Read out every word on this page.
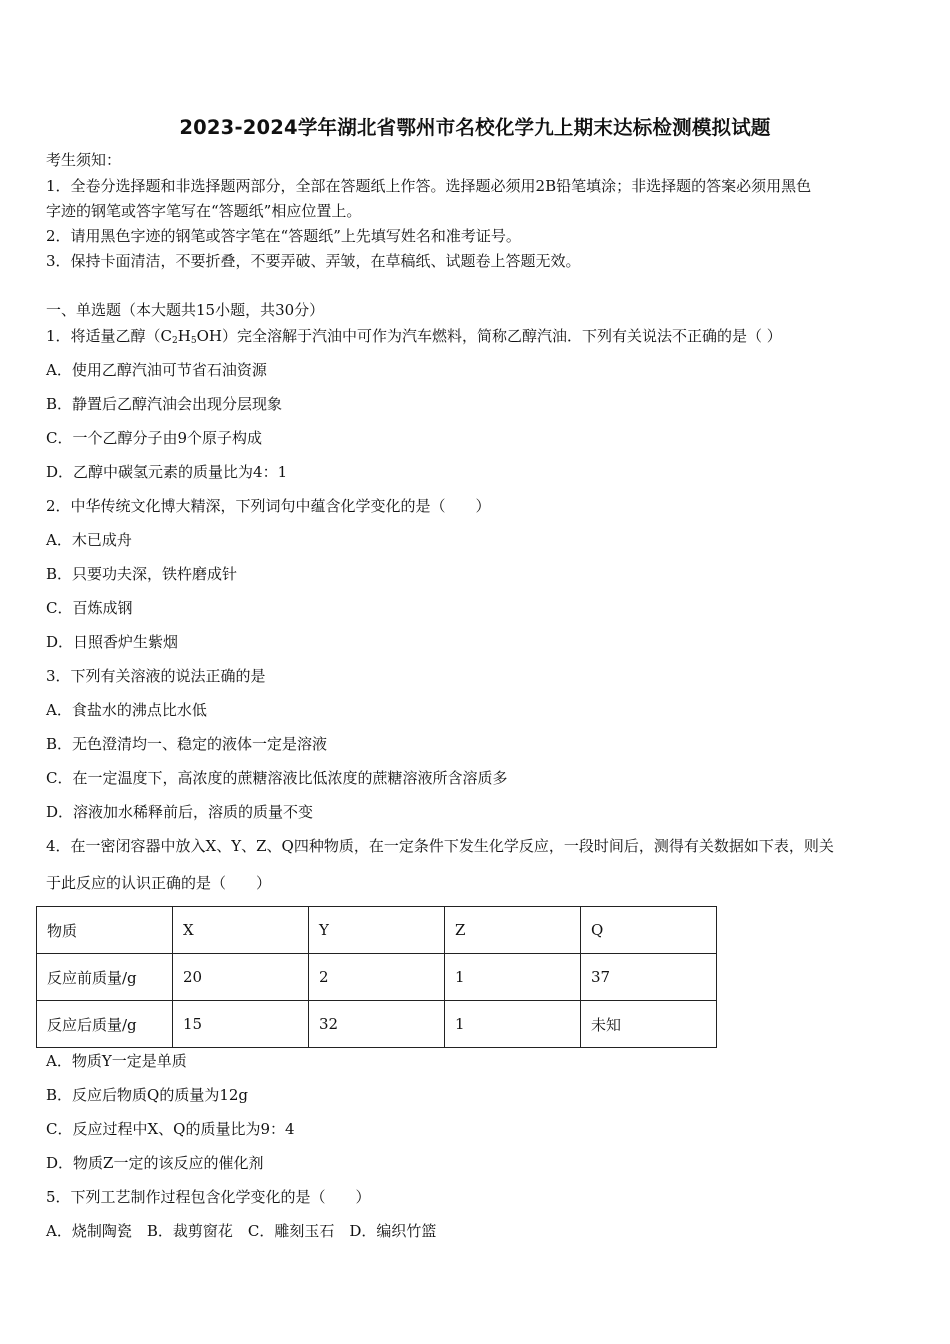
2023-2024学年湖北省鄂州市名校化学九上期末达标检测模拟试题
考生须知：
1．全卷分选择题和非选择题两部分，全部在答题纸上作答。选择题必须用2B铅笔填涂；非选择题的答案必须用黑色
字迹的钢笔或答字笔写在“答题纸”相应位置上。
2．请用黑色字迹的钢笔或答字笔在“答题纸”上先填写姓名和准考证号。
3．保持卡面清洁，不要折叠，不要弄破、弄皱，在草稿纸、试题卷上答题无效。
一、单选题（本大题共15小题，共30分）
1．将适量乙醇$(C_2H_5OH)$完全溶解于汽油中可作为汽车燃料，简称乙醇汽油．下列有关说法不正确的是（ ）
A．使用乙醇汽油可节省石油资源
B．静置后乙醇汽油会出现分层现象
C．一个乙醇分子由9个原子构成
D．乙醇中碳氢元素的质量比为4：1
2．中华传统文化博大精深，下列词句中蕴含化学变化的是（　　）
A．木已成舟
B．只要功夫深，铁杵磨成针
C．百炼成钢
D．日照香炉生紫烟
3．下列有关溶液的说法正确的是
A．食盐水的沸点比水低
B．无色澄清均一、稳定的液体一定是溶液
C．在一定温度下，高浓度的蔗糖溶液比低浓度的蔗糖溶液所含溶质多
D．溶液加水稀释前后，溶质的质量不变
4．在一密闭容器中放入X、Y、Z、Q四种物质，在一定条件下发生化学反应，一段时间后，测得有关数据如下表，则关
于此反应的认识正确的是（　　）
物质	X	Y	Z	Q
反应前质量/g	20	2	1	37
反应后质量/g	15	32	1	未知
A．物质Y一定是单质
B．反应后物质Q的质量为12g
C．反应过程中X、Q的质量比为9：4
D．物质Z一定的该反应的催化剂
5．下列工艺制作过程包含化学变化的是（　　）
A．烧制陶瓷　B．裁剪窗花　C．雕刻玉石　D．编织竹篮
